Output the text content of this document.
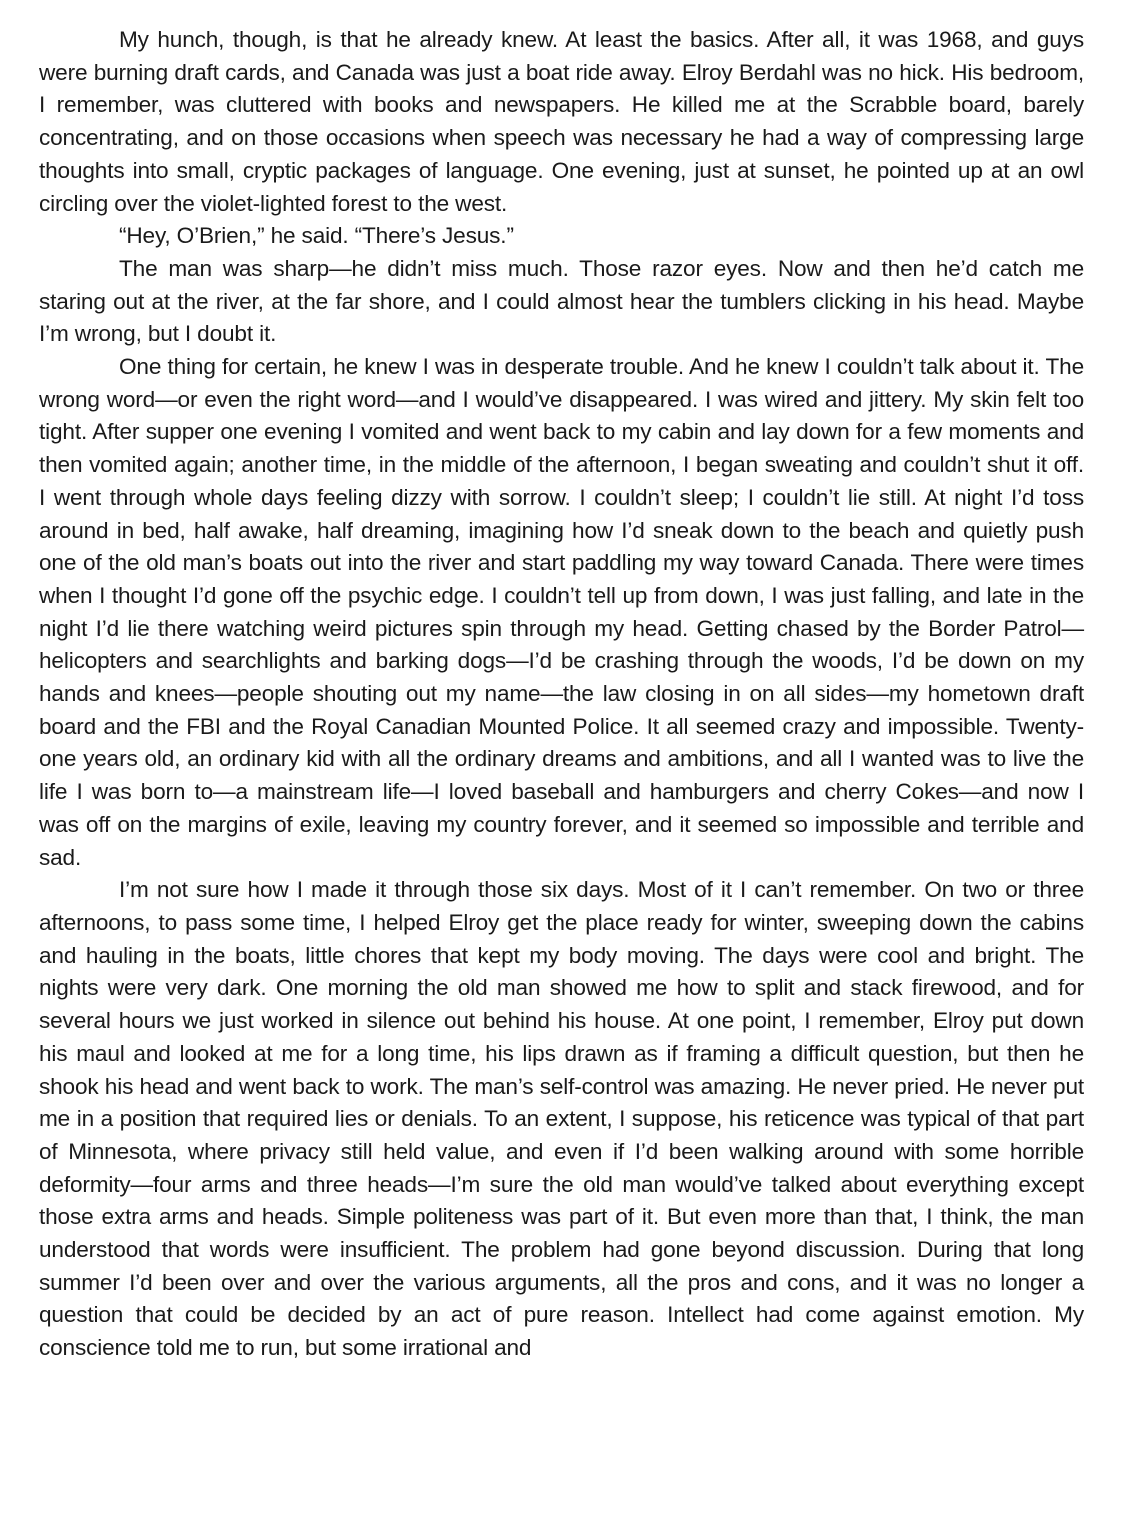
My hunch, though, is that he already knew. At least the basics. After all, it was 1968, and guys were burning draft cards, and Canada was just a boat ride away. Elroy Berdahl was no hick. His bedroom, I remember, was cluttered with books and newspapers. He killed me at the Scrabble board, barely concentrating, and on those occasions when speech was necessary he had a way of compressing large thoughts into small, cryptic packages of language. One evening, just at sunset, he pointed up at an owl circling over the violet-lighted forest to the west.

“Hey, O’Brien,” he said. “There’s Jesus.”

The man was sharp—he didn’t miss much. Those razor eyes. Now and then he’d catch me staring out at the river, at the far shore, and I could almost hear the tumblers clicking in his head. Maybe I’m wrong, but I doubt it.

One thing for certain, he knew I was in desperate trouble. And he knew I couldn’t talk about it. The wrong word—or even the right word—and I would’ve disappeared. I was wired and jittery. My skin felt too tight. After supper one evening I vomited and went back to my cabin and lay down for a few moments and then vomited again; another time, in the middle of the afternoon, I began sweating and couldn’t shut it off. I went through whole days feeling dizzy with sorrow. I couldn’t sleep; I couldn’t lie still. At night I’d toss around in bed, half awake, half dreaming, imagining how I’d sneak down to the beach and quietly push one of the old man’s boats out into the river and start paddling my way toward Canada. There were times when I thought I’d gone off the psychic edge. I couldn’t tell up from down, I was just falling, and late in the night I’d lie there watching weird pictures spin through my head. Getting chased by the Border Patrol—helicopters and searchlights and barking dogs—I’d be crashing through the woods, I’d be down on my hands and knees—people shouting out my name—the law closing in on all sides—my hometown draft board and the FBI and the Royal Canadian Mounted Police. It all seemed crazy and impossible. Twenty-one years old, an ordinary kid with all the ordinary dreams and ambitions, and all I wanted was to live the life I was born to—a mainstream life—I loved baseball and hamburgers and cherry Cokes—and now I was off on the margins of exile, leaving my country forever, and it seemed so impossible and terrible and sad.

I’m not sure how I made it through those six days. Most of it I can’t remember. On two or three afternoons, to pass some time, I helped Elroy get the place ready for winter, sweeping down the cabins and hauling in the boats, little chores that kept my body moving. The days were cool and bright. The nights were very dark. One morning the old man showed me how to split and stack firewood, and for several hours we just worked in silence out behind his house. At one point, I remember, Elroy put down his maul and looked at me for a long time, his lips drawn as if framing a difficult question, but then he shook his head and went back to work. The man’s self-control was amazing. He never pried. He never put me in a position that required lies or denials. To an extent, I suppose, his reticence was typical of that part of Minnesota, where privacy still held value, and even if I’d been walking around with some horrible deformity—four arms and three heads—I’m sure the old man would’ve talked about everything except those extra arms and heads. Simple politeness was part of it. But even more than that, I think, the man understood that words were insufficient. The problem had gone beyond discussion. During that long summer I’d been over and over the various arguments, all the pros and cons, and it was no longer a question that could be decided by an act of pure reason. Intellect had come against emotion. My conscience told me to run, but some irrational and
